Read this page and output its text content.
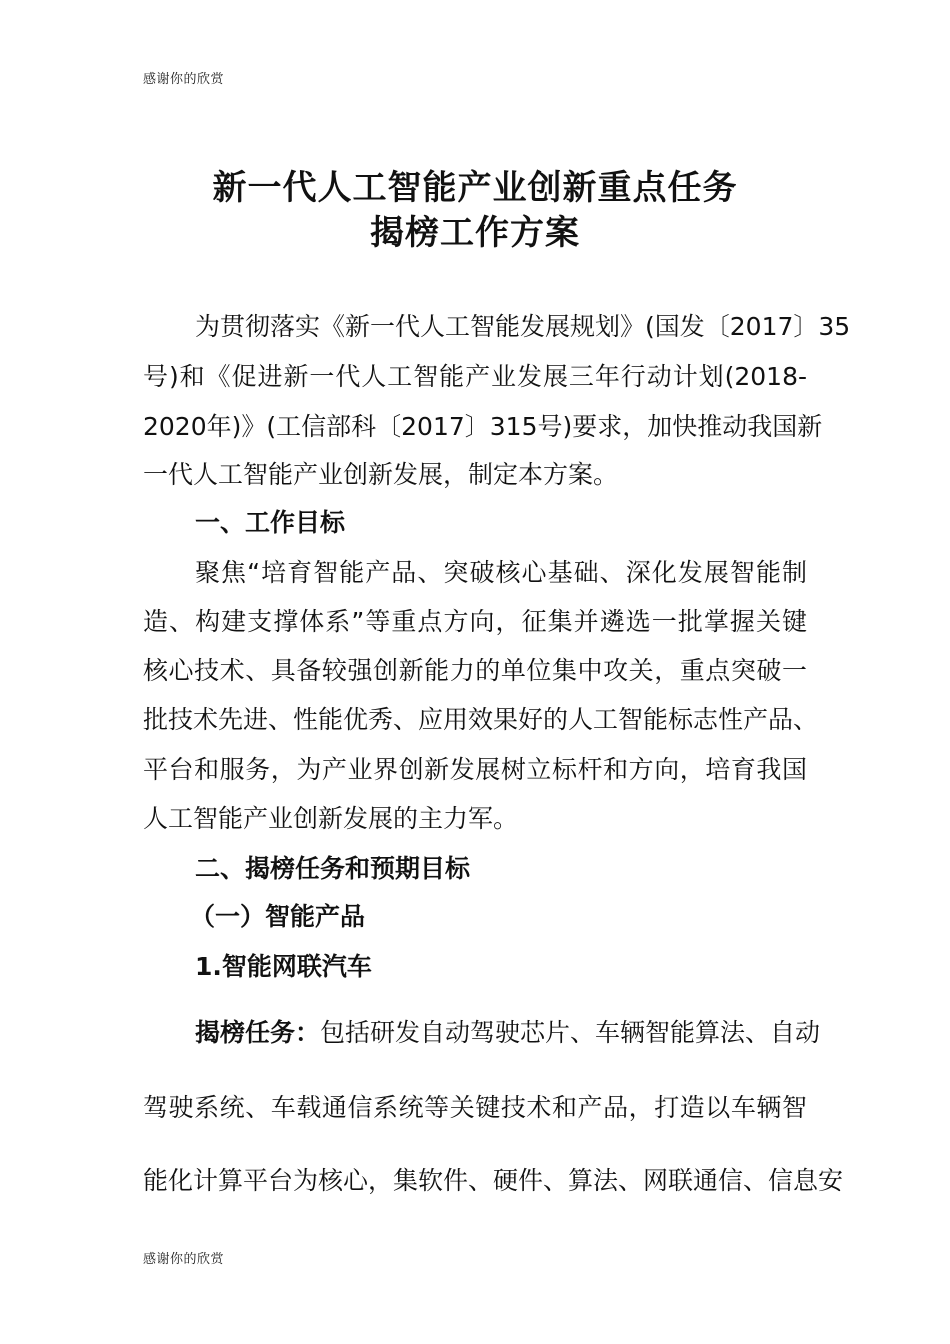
感谢你的欣赏
新一代人工智能产业创新重点任务
揭榜工作方案
为贯彻落实《新一代人工智能发展规划》(国发〔2017〕35
号)和《促进新一代人工智能产业发展三年行动计划(2018-
2020年)》(工信部科〔2017〕315号)要求，加快推动我国新
一代人工智能产业创新发展，制定本方案。
一、工作目标
聚焦“培育智能产品、突破核心基础、深化发展智能制
造、构建支撑体系”等重点方向，征集并遴选一批掌握关键
核心技术、具备较强创新能力的单位集中攻关，重点突破一
批技术先进、性能优秀、应用效果好的人工智能标志性产品、
平台和服务，为产业界创新发展树立标杆和方向，培育我国
人工智能产业创新发展的主力军。
二、揭榜任务和预期目标
（一）智能产品
1.智能网联汽车
揭榜任务：包括研发自动驾驶芯片、车辆智能算法、自动
驾驶系统、车载通信系统等关键技术和产品，打造以车辆智
能化计算平台为核心，集软件、硬件、算法、网联通信、信息安
感谢你的欣赏
